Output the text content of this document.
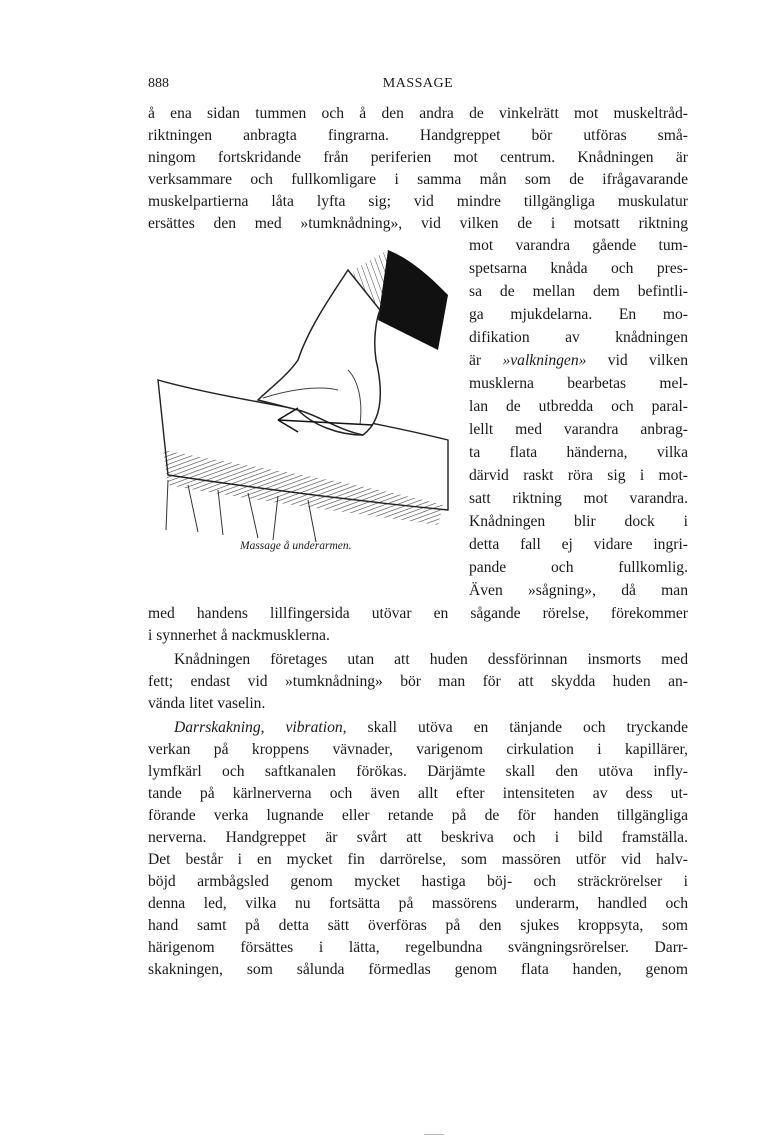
888	MASSAGE
å ena sidan tummen och å den andra de vinkelrätt mot muskeltråd-
riktningen anbragta fingrarna. Handgreppet bör utföras små-
ningom fortskridande från periferien mot centrum. Knådningen är
verksammare och fullkomligare i samma mån som de ifrågavarande
muskelpartierna låta lyfta sig; vid mindre tillgängliga muskulatur
ersättes den med »tumknådning», vid vilken de i motsatt riktning
mot varandra gående tum-
spetsarna knåda och pres-
sa de mellan dem befintli-
ga mjukdelarna. En mo-
difikation av knådningen
är »valkningen» vid vilken
musklerna bearbetas mel-
lan de utbredda och paral-
lellt med varandra anbrag-
ta flata händerna, vilka
därvid raskt röra sig i mot-
satt riktning mot varandra.
Knådningen blir dock i
detta fall ej vidare ingri-
pande och fullkomlig.
Även »sågning», då man
Massage å underarmen.
med handens lillfingersida utövar en sågande rörelse, förekommer
i synnerhet å nackmusklerna.
Knådningen företages utan att huden dessförinnan insmorts med
fett; endast vid »tumknådning» bör man för att skydda huden an-
vända litet vaselin.
Darrskakning, vibration, skall utöva en tänjande och tryckande
verkan på kroppens vävnader, varigenom cirkulation i kapillärer,
lymfkärl och saftkanalen förökas. Därjämte skall den utöva infly-
tande på kärlnerverna och även allt efter intensiteten av dess ut-
förande verka lugnande eller retande på de för handen tillgängliga
nerverna. Handgreppet är svårt att beskriva och i bild framställa.
Det består i en mycket fin darrörelse, som massören utför vid halv-
böjd armbågsled genom mycket hastiga böj- och sträckrörelser i
denna led, vilka nu fortsätta på massörens underarm, handled och
hand samt på detta sätt överföras på den sjukes kroppsyta, som
härigenom försättes i lätta, regelbundna svängningsrörelser. Darr-
skakningen, som sålunda förmedlas genom flata handen, genom
